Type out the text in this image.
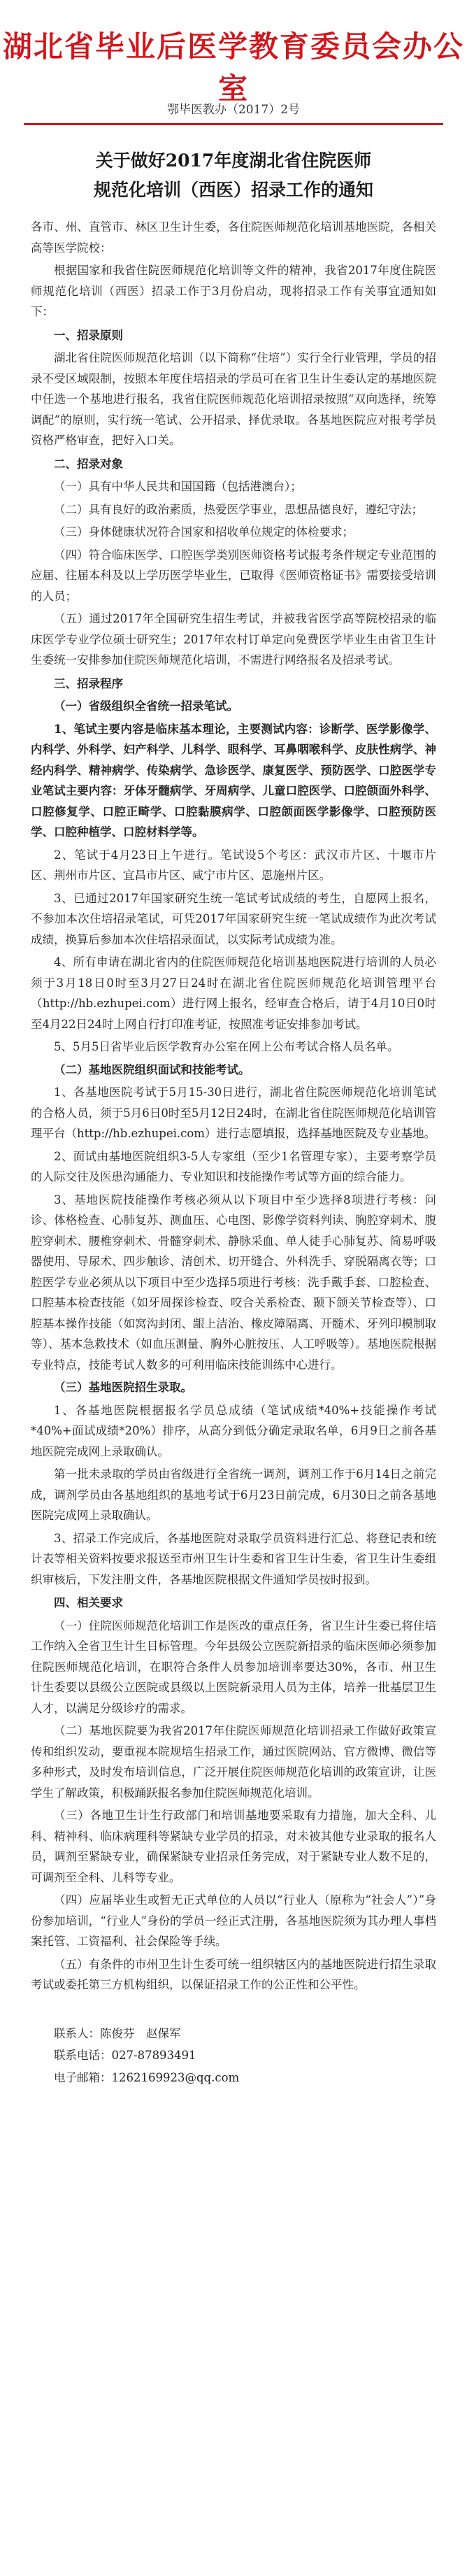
湖北省毕业后医学教育委员会办公室
鄂毕医教办（2017）2号
关于做好2017年度湖北省住院医师
规范化培训（西医）招录工作的通知

各市、州、直管市、林区卫生计生委，各住院医师规范化培训基地医院，各相关高等医学院校：

根据国家和我省住院医师规范化培训等文件的精神，我省2017年度住院医师规范化培训（西医）招录工作于3月份启动，现将招录工作有关事宜通知如下：

一、招录原则

湖北省住院医师规范化培训（以下简称“住培”）实行全行业管理，学员的招录不受区域限制，按照本年度住培招录的学员可在省卫生计生委认定的基地医院中任选一个基地进行报名，我省住院医师规范化培训招录按照“双向选择，统筹调配”的原则，实行统一笔试、公开招录、择优录取。各基地医院应对报考学员资格严格审查，把好入口关。

二、招录对象

（一）具有中华人民共和国国籍（包括港澳台）；

（二）具有良好的政治素质，热爱医学事业，思想品德良好，遵纪守法；

（三）身体健康状况符合国家和招收单位规定的体检要求；

（四）符合临床医学、口腔医学类别医师资格考试报考条件规定专业范围的应届、往届本科及以上学历医学毕业生，已取得《医师资格证书》需要接受培训的人员；

（五）通过2017年全国研究生招生考试，并被我省医学高等院校招录的临床医学专业学位硕士研究生；2017年农村订单定向免费医学毕业生由省卫生计生委统一安排参加住院医师规范化培训，不需进行网络报名及招录考试。

三、招录程序

（一）省级组织全省统一招录笔试。

1、笔试主要内容是临床基本理论，主要测试内容：诊断学、医学影像学、内科学、外科学、妇产科学、儿科学、眼科学、耳鼻咽喉科学、皮肤性病学、神经内科学、精神病学、传染病学、急诊医学、康复医学、预防医学、口腔医学专业笔试主要内容：牙体牙髓病学、牙周病学、儿童口腔医学、口腔颌面外科学、口腔修复学、口腔正畸学、口腔黏膜病学、口腔颌面医学影像学、口腔预防医学、口腔种植学、口腔材料学等。

2、笔试于4月23日上午进行。笔试设5个考区：武汉市片区、十堰市片区、荆州市片区、宜昌市片区、咸宁市片区、恩施州片区。

3、已通过2017年国家研究生统一笔试考试成绩的考生，自愿网上报名，不参加本次住培招录笔试，可凭2017年国家研究生统一笔试成绩作为此次考试成绩，换算后参加本次住培招录面试，以实际考试成绩为准。

4、所有申请在湖北省内的住院医师规范化培训基地医院进行培训的人员必须于3月18日0时至3月27日24时在湖北省住院医师规范化培训管理平台（http://hb.ezhupei.com）进行网上报名，经审查合格后，请于4月10日0时至4月22日24时上网自行打印准考证，按照准考证安排参加考试。

5、5月5日省毕业后医学教育办公室在网上公布考试合格人员名单。

（二）基地医院组织面试和技能考试。

1、各基地医院考试于5月15-30日进行，湖北省住院医师规范化培训笔试的合格人员，须于5月6日0时至5月12日24时，在湖北省住院医师规范化培训管理平台（http://hb.ezhupei.com）进行志愿填报，选择基地医院及专业基地。

2、面试由基地医院组织3-5人专家组（至少1名管理专家），主要考察学员的人际交往及医患沟通能力、专业知识和技能操作考试等方面的综合能力。

3、基地医院技能操作考核必须从以下项目中至少选择8项进行考核：问诊、体格检查、心肺复苏、测血压、心电图、影像学资料判读、胸腔穿刺术、腹腔穿刺术、腰椎穿刺术、骨髓穿刺术、静脉采血、单人徒手心肺复苏、简易呼吸器使用、导尿术、四步触诊、清创术、切开缝合、外科洗手、穿脱隔离衣等；口腔医学专业必须从以下项目中至少选择5项进行考核：洗手戴手套、口腔检查、口腔基本检查技能（如牙周探诊检查、咬合关系检查、颞下颌关节检查等）、口腔基本操作技能（如窝沟封闭、龈上洁治、橡皮障隔离、开髓术、牙列印模制取等）、基本急救技术（如血压测量、胸外心脏按压、人工呼吸等）。基地医院根据专业特点，技能考试人数多的可利用临床技能训练中心进行。

（三）基地医院招生录取。

1、各基地医院根据报名学员总成绩（笔试成绩*40%+技能操作考试*40%+面试成绩*20%）排序，从高分到低分确定录取名单，6月9日之前各基地医院完成网上录取确认。

第一批未录取的学员由省级进行全省统一调剂，调剂工作于6月14日之前完成，调剂学员由各基地组织的基地考试于6月23日前完成，6月30日之前各基地医院完成网上录取确认。

3、招录工作完成后，各基地医院对录取学员资料进行汇总、将登记表和统计表等相关资料按要求报送至市州卫生计生委和省卫生计生委，省卫生计生委组织审核后，下发注册文件，各基地医院根据文件通知学员按时报到。

四、相关要求

（一）住院医师规范化培训工作是医改的重点任务，省卫生计生委已将住培工作纳入全省卫生计生目标管理。今年县级公立医院新招录的临床医师必须参加住院医师规范化培训，在职符合条件人员参加培训率要达30%，各市、州卫生计生委要以县级公立医院或县级以上医院新录用人员为主体，培养一批基层卫生人才，以满足分级诊疗的需求。

（二）基地医院要为我省2017年住院医师规范化培训招录工作做好政策宣传和组织发动，要重视本院规培生招录工作，通过医院网站、官方微博、微信等多种形式，及时发布培训信息，广泛开展住院医师规范化培训的政策宣讲，让医学生了解政策，积极踊跃报名参加住院医师规范化培训。

（三）各地卫生计生行政部门和培训基地要采取有力措施，加大全科、儿科、精神科、临床病理科等紧缺专业学员的招录，对未被其他专业录取的报名人员，调剂至紧缺专业，确保紧缺专业招录任务完成，对于紧缺专业人数不足的，可调剂至全科、儿科等专业。

（四）应届毕业生或暂无正式单位的人员以“行业人（原称为“社会人”）”身份参加培训，“行业人”身份的学员一经正式注册，各基地医院须为其办理人事档案托管、工资福利、社会保险等手续。

（五）有条件的市州卫生计生委可统一组织辖区内的基地医院进行招生录取考试或委托第三方机构组织，以保证招录工作的公正性和公平性。

联系人：陈俊芬　赵保军

联系电话：027-87893491

电子邮箱：1262169923@qq.com
